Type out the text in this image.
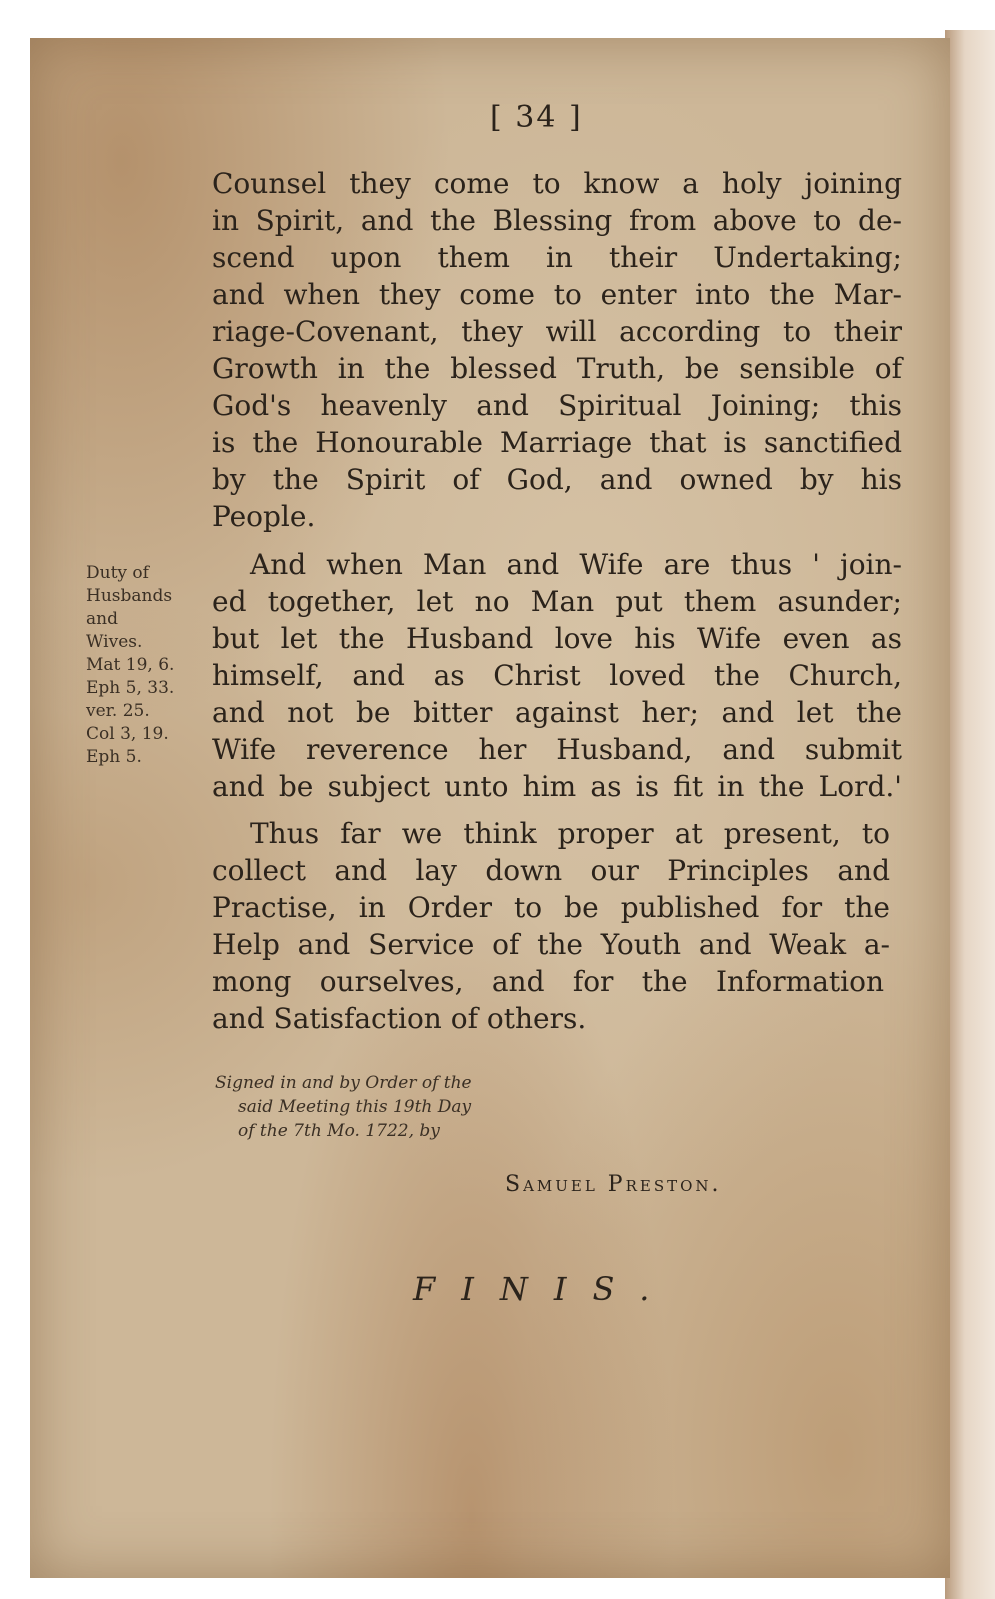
[ 34 ]
Counsel they come to know a holy joining
in Spirit, and the Blessing from above to de-
scend upon them in their Undertaking;
and when they come to enter into the Mar-
riage-Covenant, they will according to their
Growth in the blessed Truth, be sensible of
God's heavenly and Spiritual Joining; this
is the Honourable Marriage that is sanctified
by the Spirit of God, and owned by his
People.
And when Man and Wife are thus ' join-
ed together, let no Man put them asunder;
but let the Husband love his Wife even as
himself, and as Christ loved the Church,
and not be bitter against her; and let the
Wife reverence her Husband, and submit
and be subject unto him as is fit in the Lord.'
Duty of
Husbands
and
Wives.
Mat 19, 6.
Eph 5, 33.
ver. 25.
Col 3, 19.
Eph 5.
Thus far we think proper at present, to
collect and lay down our Principles and
Practise, in Order to be published for the
Help and Service of the Youth and Weak a-
mong ourselves, and for the Information
and Satisfaction of others.
Signed in and by Order of the
said Meeting this 19th Day
of the 7th Mo. 1722, by
Samuel Preston.
FINIS.
